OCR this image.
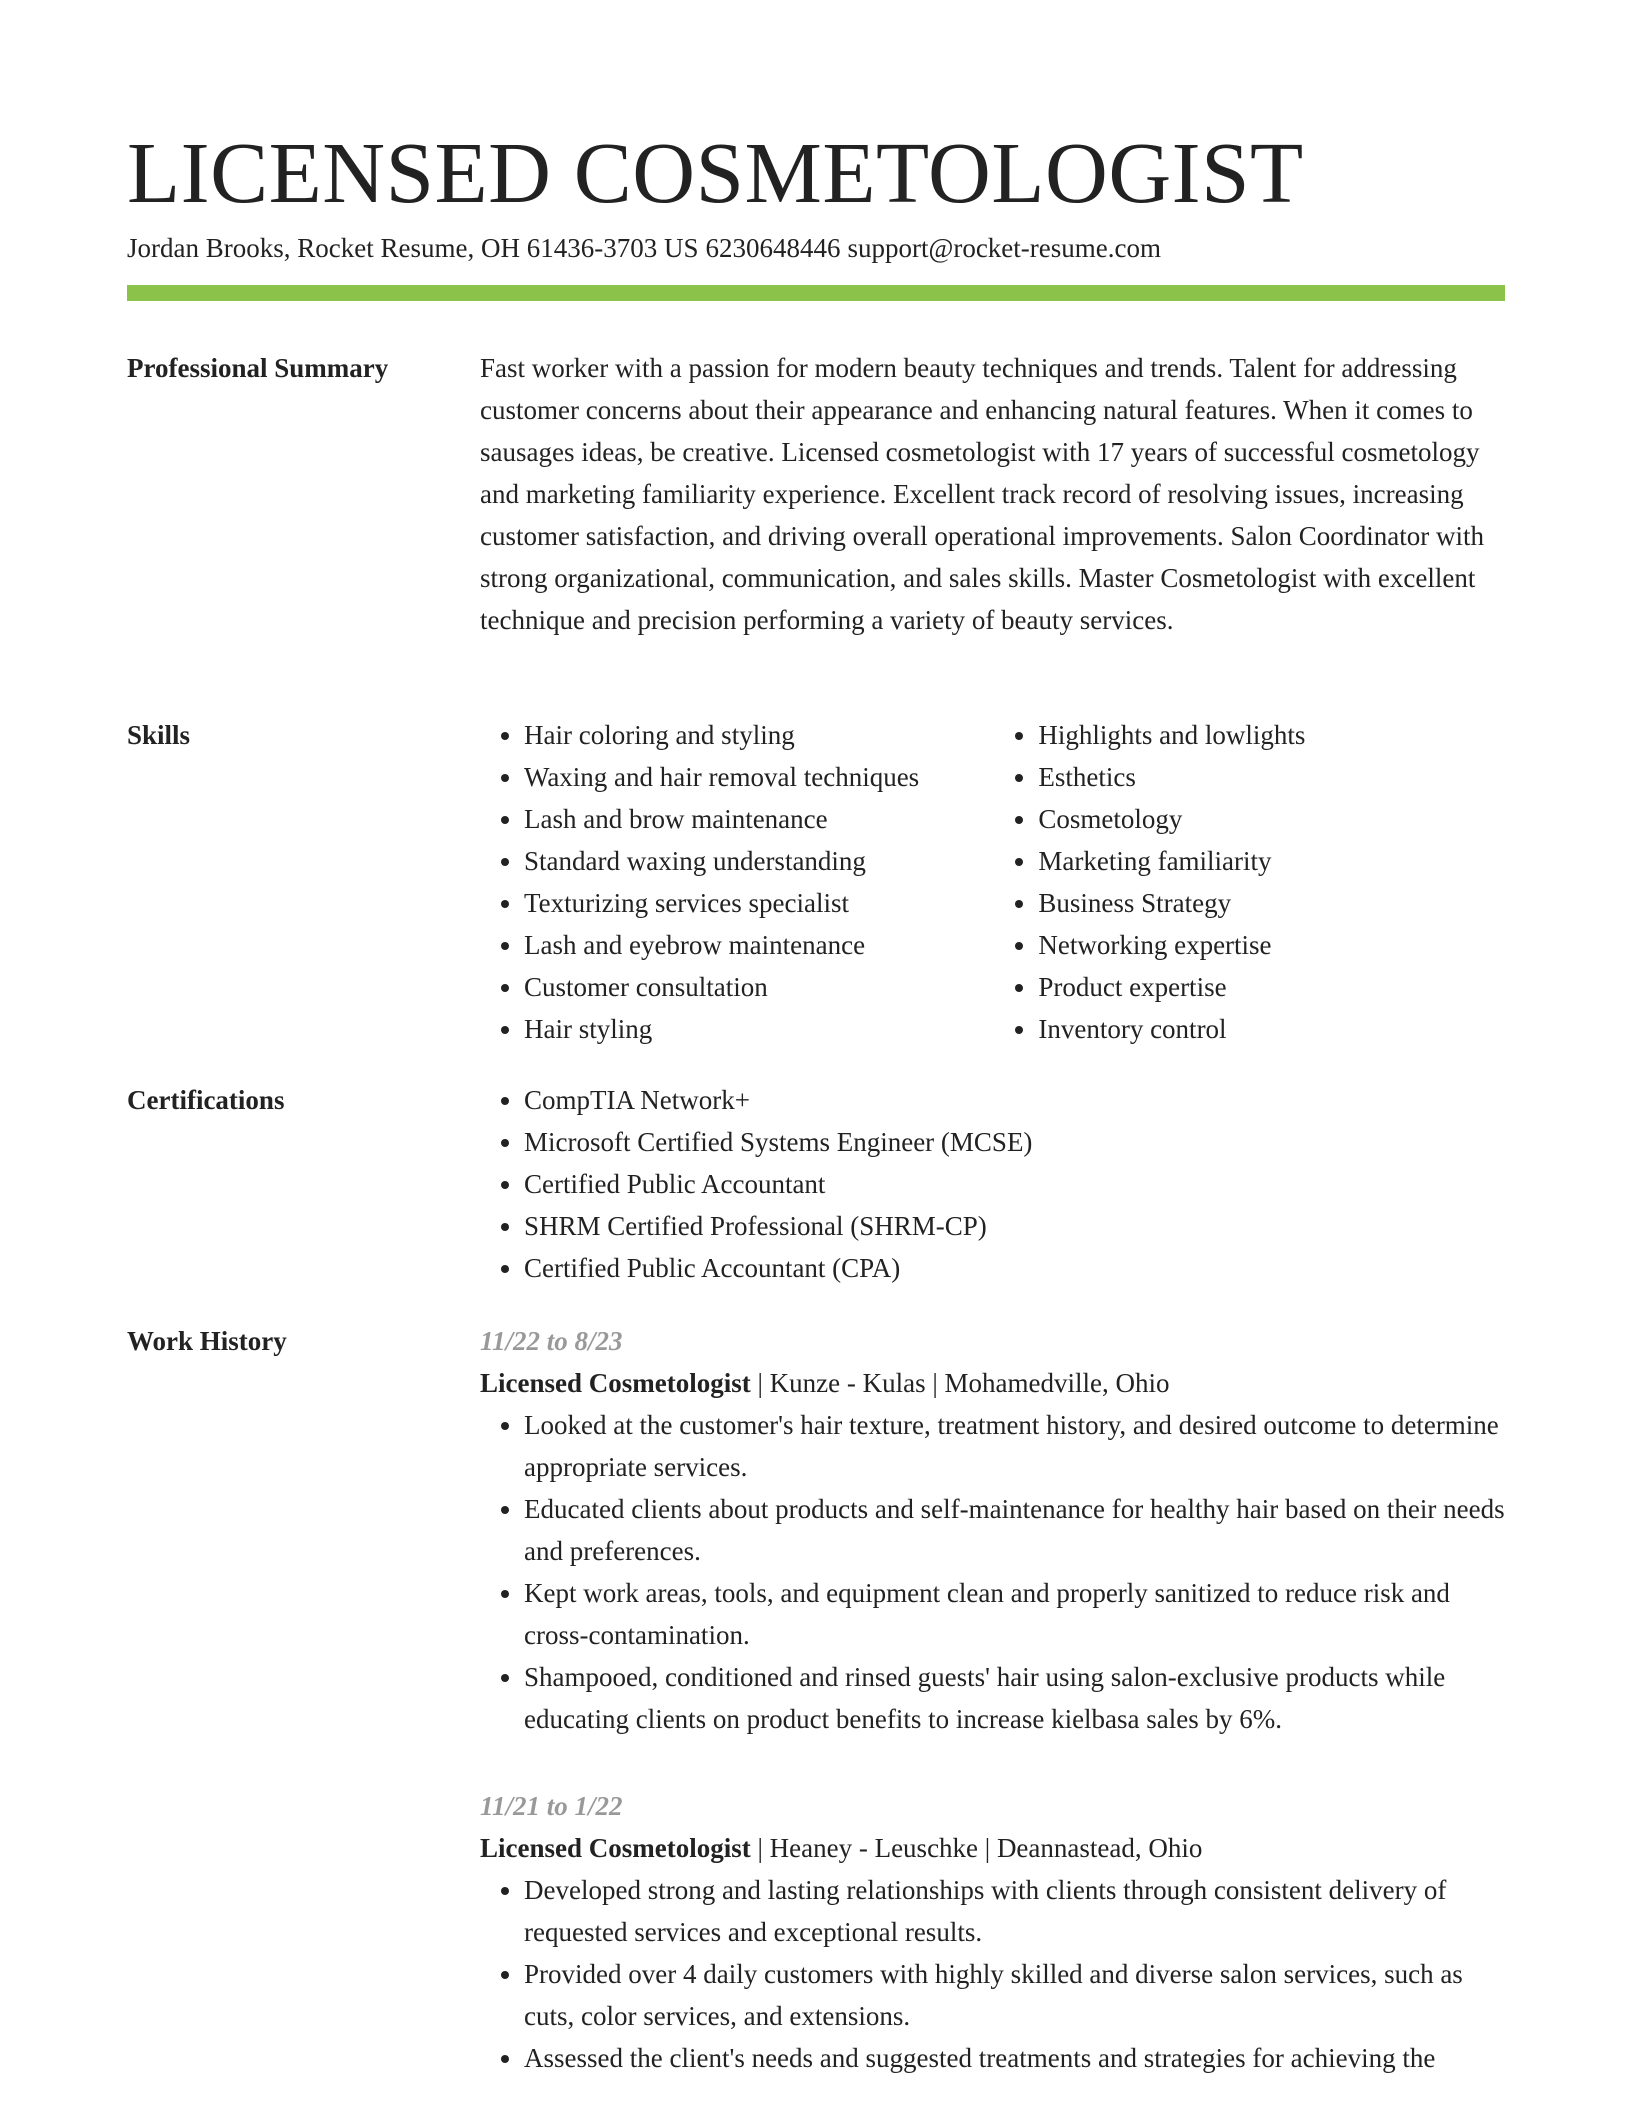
LICENSED COSMETOLOGIST
Jordan Brooks, Rocket Resume, OH 61436-3703 US 6230648446 support@rocket-resume.com
Professional Summary	Fast worker with a passion for modern beauty techniques and trends. Talent for addressing customer concerns about their appearance and enhancing natural features. When it comes to sausages ideas, be creative. Licensed cosmetologist with 17 years of successful cosmetology and marketing familiarity experience. Excellent track record of resolving issues, increasing customer satisfaction, and driving overall operational improvements. Salon Coordinator with strong organizational, communication, and sales skills. Master Cosmetologist with excellent technique and precision performing a variety of beauty services.

Skills	• Hair coloring and styling
• Waxing and hair removal techniques
• Lash and brow maintenance
• Standard waxing understanding
• Texturizing services specialist
• Lash and eyebrow maintenance
• Customer consultation
• Hair styling
• Highlights and lowlights
• Esthetics
• Cosmetology
• Marketing familiarity
• Business Strategy
• Networking expertise
• Product expertise
• Inventory control
Certifications	• CompTIA Network+
• Microsoft Certified Systems Engineer (MCSE)
• Certified Public Accountant
• SHRM Certified Professional (SHRM-CP)
• Certified Public Accountant (CPA)
Work History	11/22 to 8/23
Licensed Cosmetologist | Kunze - Kulas | Mohamedville, Ohio
• Looked at the customer's hair texture, treatment history, and desired outcome to determine appropriate services.
• Educated clients about products and self-maintenance for healthy hair based on their needs and preferences.
• Kept work areas, tools, and equipment clean and properly sanitized to reduce risk and cross-contamination.
• Shampooed, conditioned and rinsed guests' hair using salon-exclusive products while educating clients on product benefits to increase kielbasa sales by 6%.
11/21 to 1/22
Licensed Cosmetologist | Heaney - Leuschke | Deannastead, Ohio
• Developed strong and lasting relationships with clients through consistent delivery of requested services and exceptional results.
• Provided over 4 daily customers with highly skilled and diverse salon services, such as cuts, color services, and extensions.
• Assessed the client's needs and suggested treatments and strategies for achieving the
